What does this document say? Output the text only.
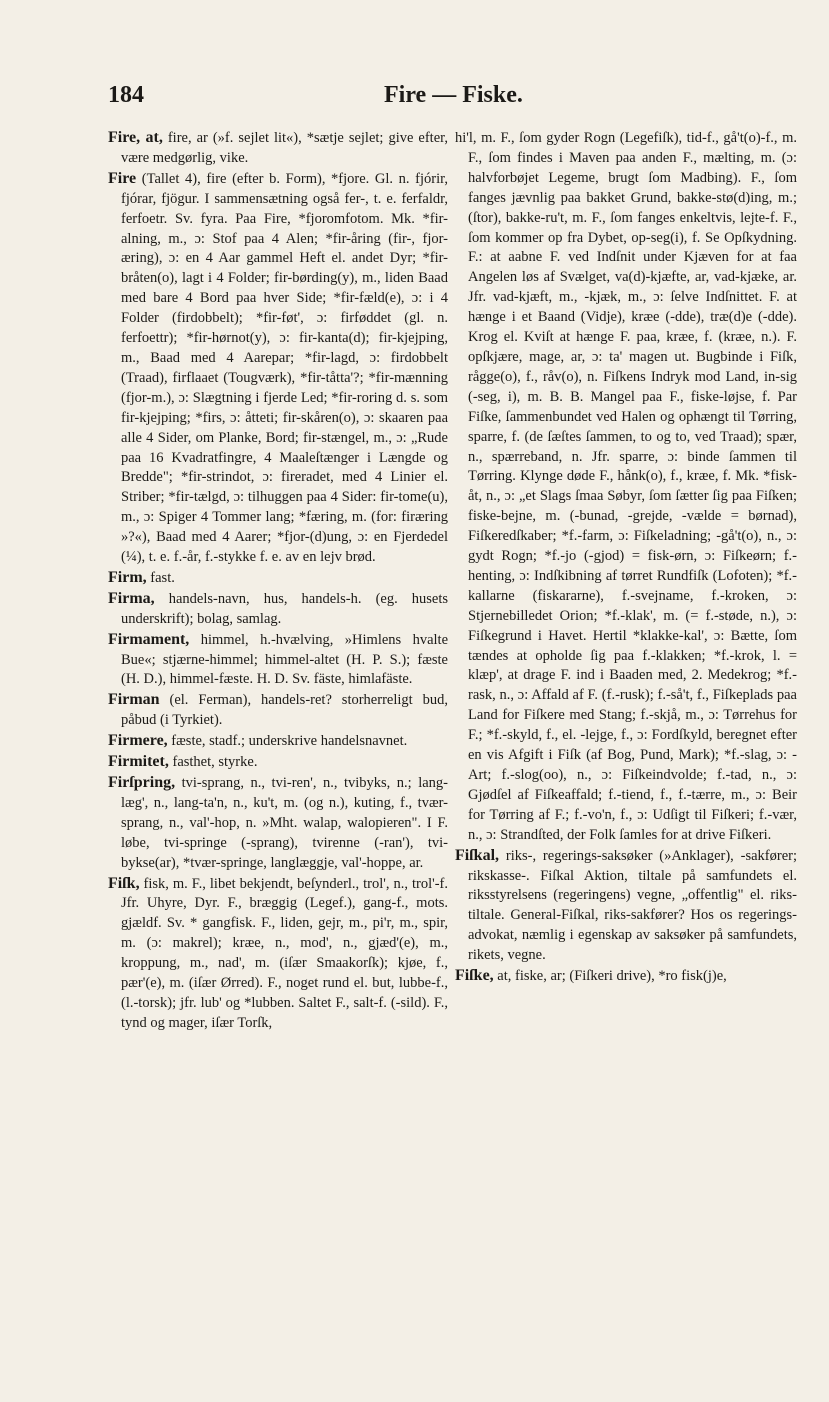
184	Fire — Fiske.

Fire, at, fire, ar (»f. sejlet lit«), *sætje sejlet; give efter, være medgørlig, vike.

Fire (Tallet 4), fire (efter b. Form), *fjore. Gl. n. fjórir, fjórar, fjögur. I sammensætning også fer-, t. e. ferfaldr, ferfoetr. Sv. fyra. Paa Fire, *fjoromfotom. Mk. *fir-alning, m., ɔ: Stof paa 4 Alen; *fir-åring (fir-, fjor-æring), ɔ: en 4 Aar gammel Heft el. andet Dyr; *fir-bråten(o), lagt i 4 Folder; fir-børding(y), m., liden Baad med bare 4 Bord paa hver Side; *fir-fæld(e), ɔ: i 4 Folder (firdobbelt); *fir-føt', ɔ: firføddet (gl. n. ferfoettr); *fir-hørnot(y), ɔ: fir-kanta(d); fir-kjejping, m., Baad med 4 Aarepar; *fir-lagd, ɔ: firdobbelt (Traad), firflaaet (Tougværk), *fir-tåtta'?; *fir-mænning (fjor-m.), ɔ: Slægtning i fjerde Led; *fir-roring d. s. som fir-kjejping; *firs, ɔ: åtteti; fir-skåren(o), ɔ: skaaren paa alle 4 Sider, om Planke, Bord; fir-stængel, m., ɔ: „Rude paa 16 Kvadratfingre, 4 Maaleſtænger i Længde og Bredde"; *fir-strindot, ɔ: fireradet, med 4 Linier el. Striber; *fir-tælgd, ɔ: tilhuggen paa 4 Sider: fir-tome(u), m., ɔ: Spiger 4 Tommer lang; *færing, m. (for: firæring »?«), Baad med 4 Aarer; *fjor-(d)ung, ɔ: en Fjerdedel (¼), t. e. f.-år, f.-stykke f. e. av en lejv brød.

Firm, fast.

Firma, handels-navn, hus, handels-h. (eg. husets underskrift); bolag, samlag.

Firmament, himmel, h.-hvælving, »Himlens hvalte Bue«; stjærne-himmel; himmel-altet (H. P. S.); fæste (H. D.), himmel-fæste. H. D. Sv. fäste, himlafäste.

Firman (el. Ferman), handels-ret? storherreligt bud, påbud (i Tyrkiet).

Firmere, fæste, stadf.; underskrive handelsnavnet.

Firmitet, fasthet, styrke.

Firſpring, tvi-sprang, n., tvi-ren', n., tvibyks, n.; lang-læg', n., lang-ta'n, n., ku't, m. (og n.), kuting, f., tvær-sprang, n., val'-hop, n. »Mht. walap, walopieren". I F. løbe, tvi-springe (-sprang), tvirenne (-ran'), tvi-bykse(ar), *tvær-springe, langlæggje, val'-hoppe, ar.

Fiſk, fisk, m. F., libet bekjendt, beſynderl., trol', n., trol'-f. Jfr. Uhyre, Dyr. F., bræggig (Legef.), gang-f., mots. gjældf. Sv. * gangfisk. F., liden, gejr, m., pi'r, m., spir, m. (ɔ: makrel); kræe, n., mod', n., gjæd'(e), m., kroppung, m., nad', m. (iſær Smaakorſk); kjøe, f., pær'(e), m. (iſær Ørred). F., noget rund el. but, lubbe-f., (l.-torsk); jfr. lub' og *lubben. Saltet F., salt-f. (-sild). F., tynd og mager, iſær Torſk,

hi'l, m. F., ſom gyder Rogn (Legefiſk), tid-f., gå't(o)-f., m. F., ſom findes i Maven paa anden F., mælting, m. (ɔ: halvforbøjet Legeme, brugt ſom Madbing). F., ſom fanges jævnlig paa bakket Grund, bakke-stø(d)ing, m.; (ſtor), bakke-ru't, m. F., ſom fanges enkeltvis, lejte-f. F., ſom kommer op fra Dybet, op-seg(i), f. Se Opſkydning. F.: at aabne F. ved Indſnit under Kjæven for at faa Angelen løs af Svælget, va(d)-kjæfte, ar, vad-kjæke, ar. Jfr. vad-kjæft, m., -kjæk, m., ɔ: ſelve Indſnittet. F. at hænge i et Baand (Vidje), kræe (-dde), træ(d)e (-dde). Krog el. Kviſt at hænge F. paa, kræe, f. (kræe, n.). F. opſkjære, mage, ar, ɔ: ta' magen ut. Bugbinde i Fiſk, rågge(o), f., råv(o), n. Fiſkens Indryk mod Land, in-sig (-seg, i), m. B. B. Mangel paa F., fiske-løjse, f. Par Fiſke, ſammenbundet ved Halen og ophængt til Tørring, sparre, f. (de ſæſtes ſammen, to og to, ved Traad); spær, n., spærreband, n. Jfr. sparre, ɔ: binde ſammen til Tørring. Klynge døde F., hånk(o), f., kræe, f. Mk. *fisk-åt, n., ɔ: „et Slags ſmaa Søbyr, ſom ſætter ſig paa Fiſken; fiske-bejne, m. (-bunad, -grejde, -vælde = børnad), Fiſkeredſkaber; *f.-farm, ɔ: Fiſkeladning; -gå't(o), n., ɔ: gydt Rogn; *f.-jo (-gjod) = fisk-ørn, ɔ: Fiſkeørn; f.-henting, ɔ: Indſkibning af tørret Rundfiſk (Lofoten); *f.-kallarne (fiskararne), f.-svejname, f.-kroken, ɔ: Stjernebilledet Orion; *f.-klak', m. (= f.-støde, n.), ɔ: Fiſkegrund i Havet. Hertil *klakke-kal', ɔ: Bætte, ſom tændes at opholde ſig paa f.-klakken; *f.-krok, l. = klæp', at drage F. ind i Baaden med, 2. Medekrog; *f.-rask, n., ɔ: Affald af F. (f.-rusk); f.-så't, f., Fiſkeplads paa Land for Fiſkere med Stang; f.-skjå, m., ɔ: Tørrehus for F.; *f.-skyld, f., el. -lejge, f., ɔ: Fordſkyld, beregnet efter en vis Afgift i Fiſk (af Bog, Pund, Mark); *f.-slag, ɔ: -Art; f.-slog(oo), n., ɔ: Fiſkeindvolde; f.-tad, n., ɔ: Gjødſel af Fiſkeaffald; f.-tiend, f., f.-tærre, m., ɔ: Beir for Tørring af F.; f.-vo'n, f., ɔ: Udſigt til Fiſkeri; f.-vær, n., ɔ: Strandſted, der Folk ſamles for at drive Fiſkeri.

Fiſkal, riks-, regerings-saksøker (»Anklager), -sakfører; rikskasse-. Fiſkal Aktion, tiltale på samfundets el. riksstyrelsens (regeringens) vegne, „offentlig" el. riks-tiltale. General-Fiſkal, riks-sakfører? Hos os regerings-advokat, næmlig i egenskap av saksøker på samfundets, rikets, vegne.

Fiſke, at, fiske, ar; (Fiſkeri drive), *ro fisk(j)e,
